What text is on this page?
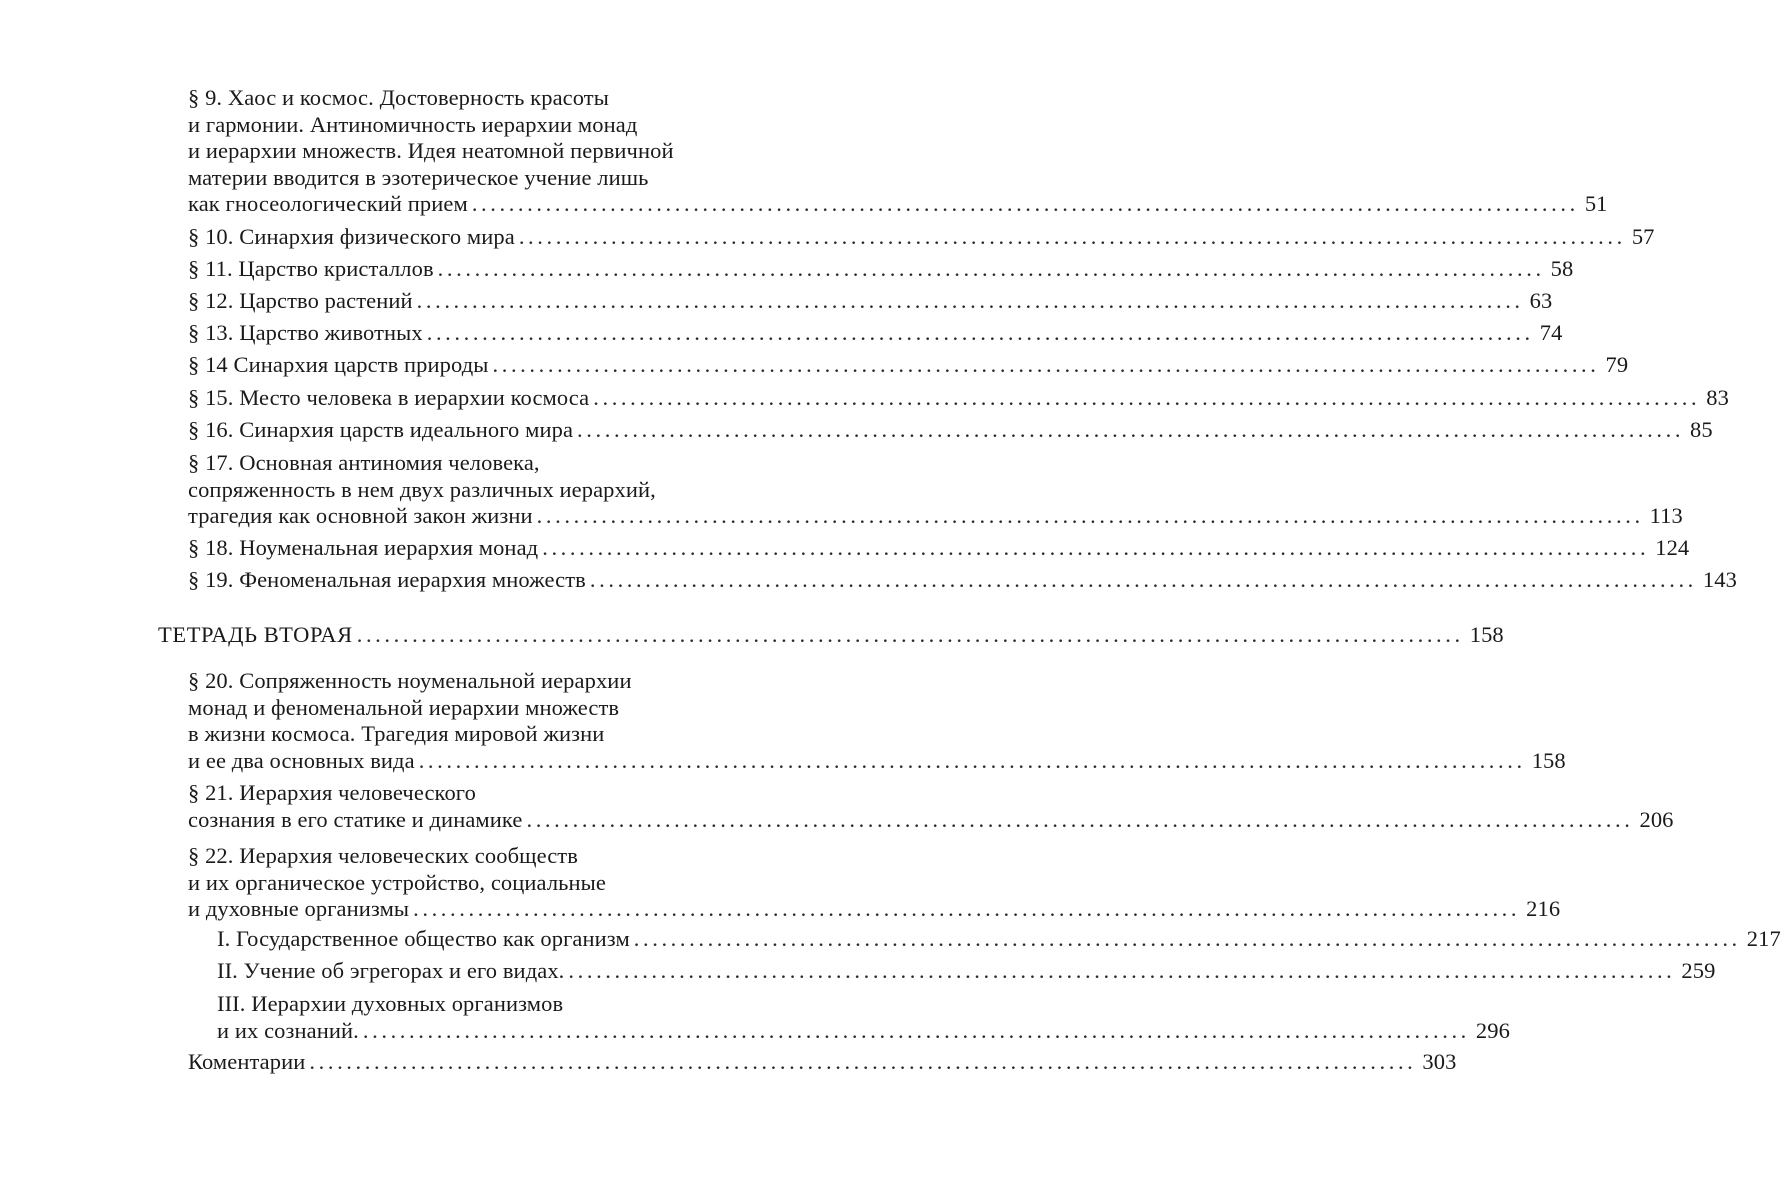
§ 9. Хаос и космос. Достоверность красоты
и гармонии. Антиномичность иерархии монад
и иерархии множеств. Идея неатомной первичной
материи вводится в эзотерическое учение лишь
как гносеологический прием ........................................................................................................................ 51
§ 10. Синархия физического мира ........................................................................................................................ 57
§ 11. Царство кристаллов ........................................................................................................................ 58
§ 12. Царство растений ........................................................................................................................ 63
§ 13. Царство животных ........................................................................................................................ 74
§ 14 Синархия царств природы ........................................................................................................................ 79
§ 15. Место человека в иерархии космоса ........................................................................................................................ 83
§ 16. Синархия царств идеального мира ........................................................................................................................ 85
§ 17. Основная антиномия человека,
сопряженность в нем двух различных иерархий,
трагедия как основной закон жизни ........................................................................................................................ 113
§ 18. Ноуменальная иерархия монад ........................................................................................................................ 124
§ 19. Феноменальная иерархия множеств ........................................................................................................................ 143
ТЕТРАДЬ ВТОРАЯ ........................................................................................................................ 158
§ 20. Сопряженность ноуменальной иерархии
монад и феноменальной иерархии множеств
в жизни космоса. Трагедия мировой жизни
и ее два основных вида ........................................................................................................................ 158
§ 21. Иерархия человеческого
сознания в его статике и динамике ........................................................................................................................ 206
§ 22. Иерархия человеческих сообществ
и их органическое устройство, социальные
и духовные организмы ........................................................................................................................ 216
I. Государственное общество как организм ........................................................................................................................ 217
II. Учение об эгрегорах и его видах. ........................................................................................................................ 259
III. Иерархии духовных организмов
и их сознаний. ........................................................................................................................ 296
Коментарии ........................................................................................................................ 303
